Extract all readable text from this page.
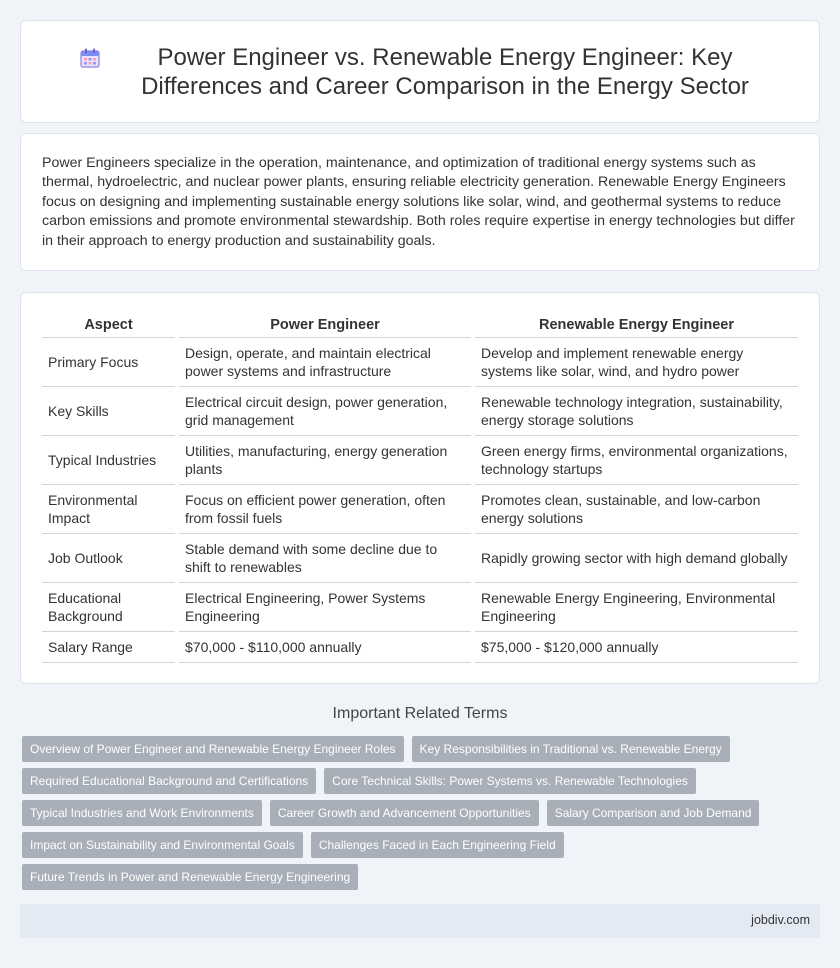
Power Engineer vs. Renewable Energy Engineer: Key Differences and Career Comparison in the Energy Sector

Power Engineers specialize in the operation, maintenance, and optimization of traditional energy systems such as thermal, hydroelectric, and nuclear power plants, ensuring reliable electricity generation. Renewable Energy Engineers focus on designing and implementing sustainable energy solutions like solar, wind, and geothermal systems to reduce carbon emissions and promote environmental stewardship. Both roles require expertise in energy technologies but differ in their approach to energy production and sustainability goals.

Aspect	Power Engineer	Renewable Energy Engineer
Primary Focus	Design, operate, and maintain electrical power systems and infrastructure	Develop and implement renewable energy systems like solar, wind, and hydro power
Key Skills	Electrical circuit design, power generation, grid management	Renewable technology integration, sustainability, energy storage solutions
Typical Industries	Utilities, manufacturing, energy generation plants	Green energy firms, environmental organizations, technology startups
Environmental Impact	Focus on efficient power generation, often from fossil fuels	Promotes clean, sustainable, and low-carbon energy solutions
Job Outlook	Stable demand with some decline due to shift to renewables	Rapidly growing sector with high demand globally
Educational Background	Electrical Engineering, Power Systems Engineering	Renewable Energy Engineering, Environmental Engineering
Salary Range	$70,000 - $110,000 annually	$75,000 - $120,000 annually
Important Related Terms
Overview of Power Engineer and Renewable Energy Engineer Roles	Key Responsibilities in Traditional vs. Renewable Energy
Required Educational Background and Certifications	Core Technical Skills: Power Systems vs. Renewable Technologies
Typical Industries and Work Environments	Career Growth and Advancement Opportunities	Salary Comparison and Job Demand
Impact on Sustainability and Environmental Goals	Challenges Faced in Each Engineering Field
Future Trends in Power and Renewable Energy Engineering
jobdiv.com
